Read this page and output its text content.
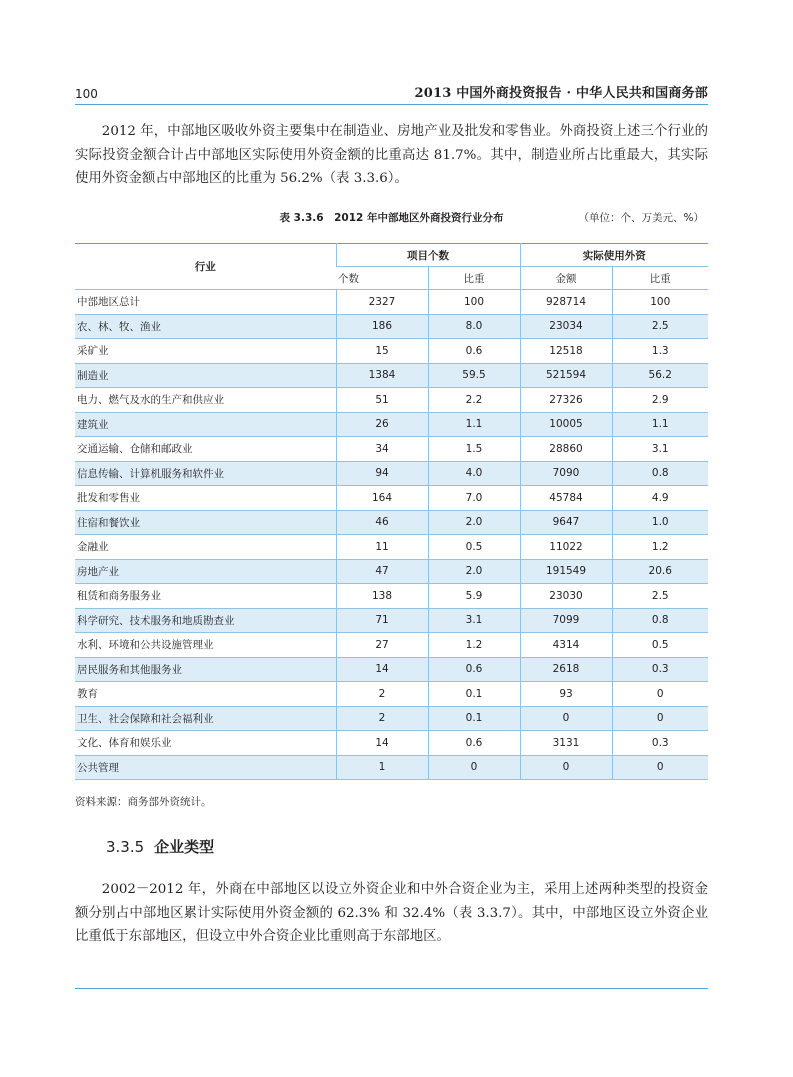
100	2013 中国外商投资报告 · 中华人民共和国商务部

2012 年，中部地区吸收外资主要集中在制造业、房地产业及批发和零售业。外商投资上述三个行业的实际投资金额合计占中部地区实际使用外资金额的比重高达 81.7%。其中，制造业所占比重最大，其实际使用外资金额占中部地区的比重为 56.2%（表 3.3.6）。

表 3.3.6　2012 年中部地区外商投资行业分布	（单位：个、万美元、%）
行业	项目个数		实际使用外资	
	个数	比重	金额	比重
中部地区总计	2327	100	928714	100
农、林、牧、渔业	186	8.0	23034	2.5
采矿业	15	0.6	12518	1.3
制造业	1384	59.5	521594	56.2
电力、燃气及水的生产和供应业	51	2.2	27326	2.9
建筑业	26	1.1	10005	1.1
交通运输、仓储和邮政业	34	1.5	28860	3.1
信息传输、计算机服务和软件业	94	4.0	7090	0.8
批发和零售业	164	7.0	45784	4.9
住宿和餐饮业	46	2.0	9647	1.0
金融业	11	0.5	11022	1.2
房地产业	47	2.0	191549	20.6
租赁和商务服务业	138	5.9	23030	2.5
科学研究、技术服务和地质勘查业	71	3.1	7099	0.8
水利、环境和公共设施管理业	27	1.2	4314	0.5
居民服务和其他服务业	14	0.6	2618	0.3
教育	2	0.1	93	0
卫生、社会保障和社会福利业	2	0.1	0	0
文化、体育和娱乐业	14	0.6	3131	0.3
公共管理	1	0	0	0
资料来源：商务部外资统计。
3.3.5 企业类型

2002－2012 年，外商在中部地区以设立外资企业和中外合资企业为主，采用上述两种类型的投资金额分别占中部地区累计实际使用外资金额的 62.3% 和 32.4%（表 3.3.7）。其中，中部地区设立外资企业比重低于东部地区，但设立中外合资企业比重则高于东部地区。
